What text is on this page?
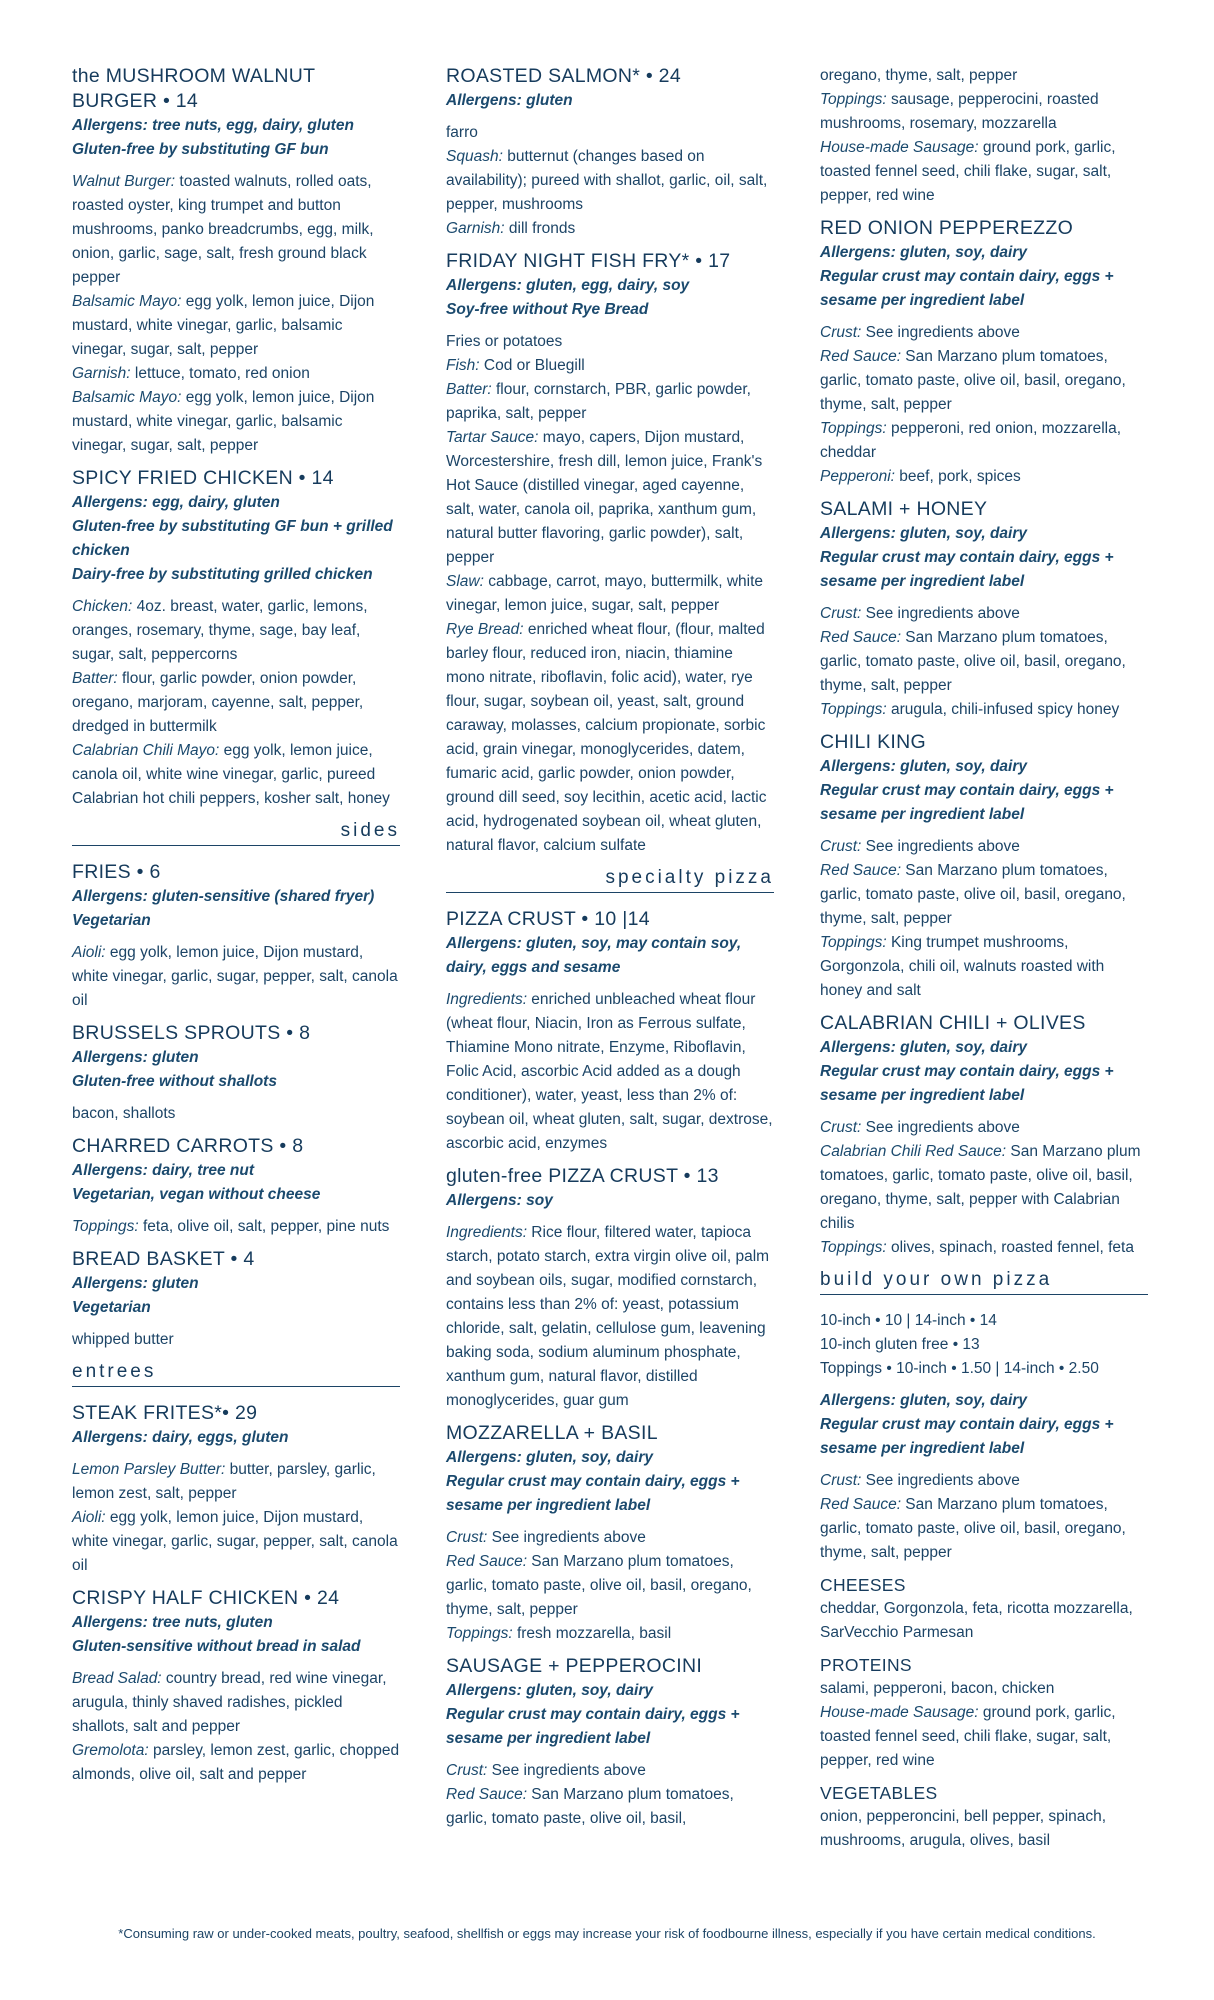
the MUSHROOM WALNUT BURGER • 14
Allergens: tree nuts, egg, dairy, gluten
Gluten-free by substituting GF bun
Walnut Burger: toasted walnuts, rolled oats, roasted oyster, king trumpet and button mushrooms, panko breadcrumbs, egg, milk, onion, garlic, sage, salt, fresh ground black pepper
Balsamic Mayo: egg yolk, lemon juice, Dijon mustard, white vinegar, garlic, balsamic vinegar, sugar, salt, pepper
Garnish: lettuce, tomato, red onion
Balsamic Mayo: egg yolk, lemon juice, Dijon mustard, white vinegar, garlic, balsamic vinegar, sugar, salt, pepper
SPICY FRIED CHICKEN • 14
Allergens: egg, dairy, gluten
Gluten-free by substituting GF bun + grilled chicken
Dairy-free by substituting grilled chicken
Chicken: 4oz. breast, water, garlic, lemons, oranges, rosemary, thyme, sage, bay leaf, sugar, salt, peppercorns
Batter: flour, garlic powder, onion powder, oregano, marjoram, cayenne, salt, pepper, dredged in buttermilk
Calabrian Chili Mayo: egg yolk, lemon juice, canola oil, white wine vinegar, garlic, pureed Calabrian hot chili peppers, kosher salt, honey
sides
FRIES • 6
Allergens: gluten-sensitive (shared fryer)
Vegetarian
Aioli: egg yolk, lemon juice, Dijon mustard, white vinegar, garlic, sugar, pepper, salt, canola oil
BRUSSELS SPROUTS • 8
Allergens: gluten
Gluten-free without shallots
bacon, shallots
CHARRED CARROTS • 8
Allergens: dairy, tree nut
Vegetarian, vegan without cheese
Toppings: feta, olive oil, salt, pepper, pine nuts
BREAD BASKET • 4
Allergens: gluten
Vegetarian
whipped butter
entrees
STEAK FRITES*• 29
Allergens: dairy, eggs, gluten
Lemon Parsley Butter: butter, parsley, garlic, lemon zest, salt, pepper
Aioli: egg yolk, lemon juice, Dijon mustard, white vinegar, garlic, sugar, pepper, salt, canola oil
CRISPY HALF CHICKEN • 24
Allergens: tree nuts, gluten
Gluten-sensitive without bread in salad
Bread Salad: country bread, red wine vinegar, arugula, thinly shaved radishes, pickled shallots, salt and pepper
Gremolota: parsley, lemon zest, garlic, chopped almonds, olive oil, salt and pepper
ROASTED SALMON* • 24
Allergens: gluten
farro
Squash: butternut (changes based on availability); pureed with shallot, garlic, oil, salt, pepper, mushrooms
Garnish: dill fronds
FRIDAY NIGHT FISH FRY* • 17
Allergens: gluten, egg, dairy, soy
Soy-free without Rye Bread
Fries or potatoes
Fish: Cod or Bluegill
Batter: flour, cornstarch, PBR, garlic powder, paprika, salt, pepper
Tartar Sauce: mayo, capers, Dijon mustard, Worcestershire, fresh dill, lemon juice, Frank's Hot Sauce (distilled vinegar, aged cayenne, salt, water, canola oil, paprika, xanthum gum, natural butter flavoring, garlic powder), salt, pepper
Slaw: cabbage, carrot, mayo, buttermilk, white vinegar, lemon juice, sugar, salt, pepper
Rye Bread: enriched wheat flour, (flour, malted barley flour, reduced iron, niacin, thiamine mono nitrate, riboflavin, folic acid), water, rye flour, sugar, soybean oil, yeast, salt, ground caraway, molasses, calcium propionate, sorbic acid, grain vinegar, monoglycerides, datem, fumaric acid, garlic powder, onion powder, ground dill seed, soy lecithin, acetic acid, lactic acid, hydrogenated soybean oil, wheat gluten, natural flavor, calcium sulfate
specialty pizza
PIZZA CRUST • 10 |14
Allergens: gluten, soy, may contain soy, dairy, eggs and sesame
Ingredients: enriched unbleached wheat flour (wheat flour, Niacin, Iron as Ferrous sulfate, Thiamine Mono nitrate, Enzyme, Riboflavin, Folic Acid, ascorbic Acid added as a dough conditioner), water, yeast, less than 2% of: soybean oil, wheat gluten, salt, sugar, dextrose, ascorbic acid, enzymes
gluten-free PIZZA CRUST • 13
Allergens: soy
Ingredients: Rice flour, filtered water, tapioca starch, potato starch, extra virgin olive oil, palm and soybean oils, sugar, modified cornstarch, contains less than 2% of: yeast, potassium chloride, salt, gelatin, cellulose gum, leavening baking soda, sodium aluminum phosphate, xanthum gum, natural flavor, distilled monoglycerides, guar gum
MOZZARELLA + BASIL
Allergens: gluten, soy, dairy
Regular crust may contain dairy, eggs + sesame per ingredient label
Crust: See ingredients above
Red Sauce: San Marzano plum tomatoes, garlic, tomato paste, olive oil, basil, oregano, thyme, salt, pepper
Toppings: fresh mozzarella, basil
SAUSAGE + PEPPEROCINI
Allergens: gluten, soy, dairy
Regular crust may contain dairy, eggs + sesame per ingredient label
Crust: See ingredients above
Red Sauce: San Marzano plum tomatoes, garlic, tomato paste, olive oil, basil,
oregano, thyme, salt, pepper
Toppings: sausage, pepperocini, roasted mushrooms, rosemary, mozzarella
House-made Sausage: ground pork, garlic, toasted fennel seed, chili flake, sugar, salt, pepper, red wine
RED ONION PEPPEREZZO
Allergens: gluten, soy, dairy
Regular crust may contain dairy, eggs + sesame per ingredient label
Crust: See ingredients above
Red Sauce: San Marzano plum tomatoes, garlic, tomato paste, olive oil, basil, oregano, thyme, salt, pepper
Toppings: pepperoni, red onion, mozzarella, cheddar
Pepperoni: beef, pork, spices
SALAMI + HONEY
Allergens: gluten, soy, dairy
Regular crust may contain dairy, eggs + sesame per ingredient label
Crust: See ingredients above
Red Sauce: San Marzano plum tomatoes, garlic, tomato paste, olive oil, basil, oregano, thyme, salt, pepper
Toppings: arugula, chili-infused spicy honey
CHILI KING
Allergens: gluten, soy, dairy
Regular crust may contain dairy, eggs + sesame per ingredient label
Crust: See ingredients above
Red Sauce: San Marzano plum tomatoes, garlic, tomato paste, olive oil, basil, oregano, thyme, salt, pepper
Toppings: King trumpet mushrooms, Gorgonzola, chili oil, walnuts roasted with honey and salt
CALABRIAN CHILI + OLIVES
Allergens: gluten, soy, dairy
Regular crust may contain dairy, eggs + sesame per ingredient label
Crust: See ingredients above
Calabrian Chili Red Sauce: San Marzano plum tomatoes, garlic, tomato paste, olive oil, basil, oregano, thyme, salt, pepper with Calabrian chilis
Toppings: olives, spinach, roasted fennel, feta
build your own pizza
10-inch • 10 | 14-inch • 14
10-inch gluten free • 13
Toppings • 10-inch • 1.50 | 14-inch • 2.50
Allergens: gluten, soy, dairy
Regular crust may contain dairy, eggs + sesame per ingredient label
Crust: See ingredients above
Red Sauce: San Marzano plum tomatoes, garlic, tomato paste, olive oil, basil, oregano, thyme, salt, pepper
CHEESES
cheddar, Gorgonzola, feta, ricotta mozzarella, SarVecchio Parmesan
PROTEINS
salami, pepperoni, bacon, chicken
House-made Sausage: ground pork, garlic, toasted fennel seed, chili flake, sugar, salt, pepper, red wine
VEGETABLES
onion, pepperoncini, bell pepper, spinach, mushrooms, arugula, olives, basil
*Consuming raw or under-cooked meats, poultry, seafood, shellfish or eggs may increase your risk of foodbourne illness, especially if you have certain medical conditions.
